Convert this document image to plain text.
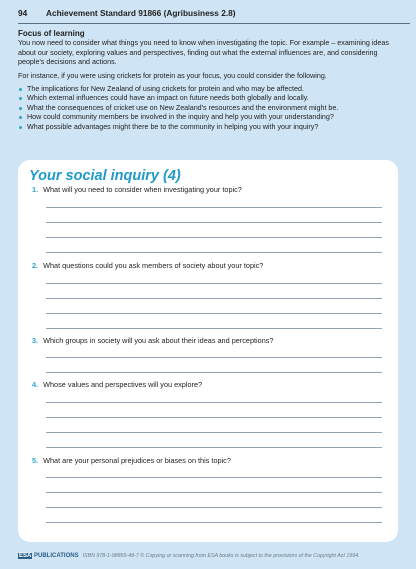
94 Achievement Standard 91866 (Agribusiness 2.8)
Focus of learning

You now need to consider what things you need to know when investigating the topic. For example – examining ideas about our society, exploring values and perspectives, finding out what the external influences are, and considering people's decisions and actions.

For instance, if you were using crickets for protein as your focus, you could consider the following.

The implications for New Zealand of using crickets for protein and who may be affected.
Which external influences could have an impact on future needs both globally and locally.
What the consequences of cricket use on New Zealand's resources and the environment might be.
How could community members be involved in the inquiry and help you with your understanding?
What possible advantages might there be to the community in helping you with your inquiry?
Your social inquiry (4)
1. What will you need to consider when investigating your topic?
2. What questions could you ask members of society about your topic?
3. Which groups in society will you ask about their ideas and perceptions?
4. Whose values and perspectives will you explore?
5. What are your personal prejudices or biases on this topic?
ESA PUBLICATIONS ISBN 978-1-98855-48-7 © Copying or scanning from ESA books is subject to the provisions of the Copyright Act 1994.
